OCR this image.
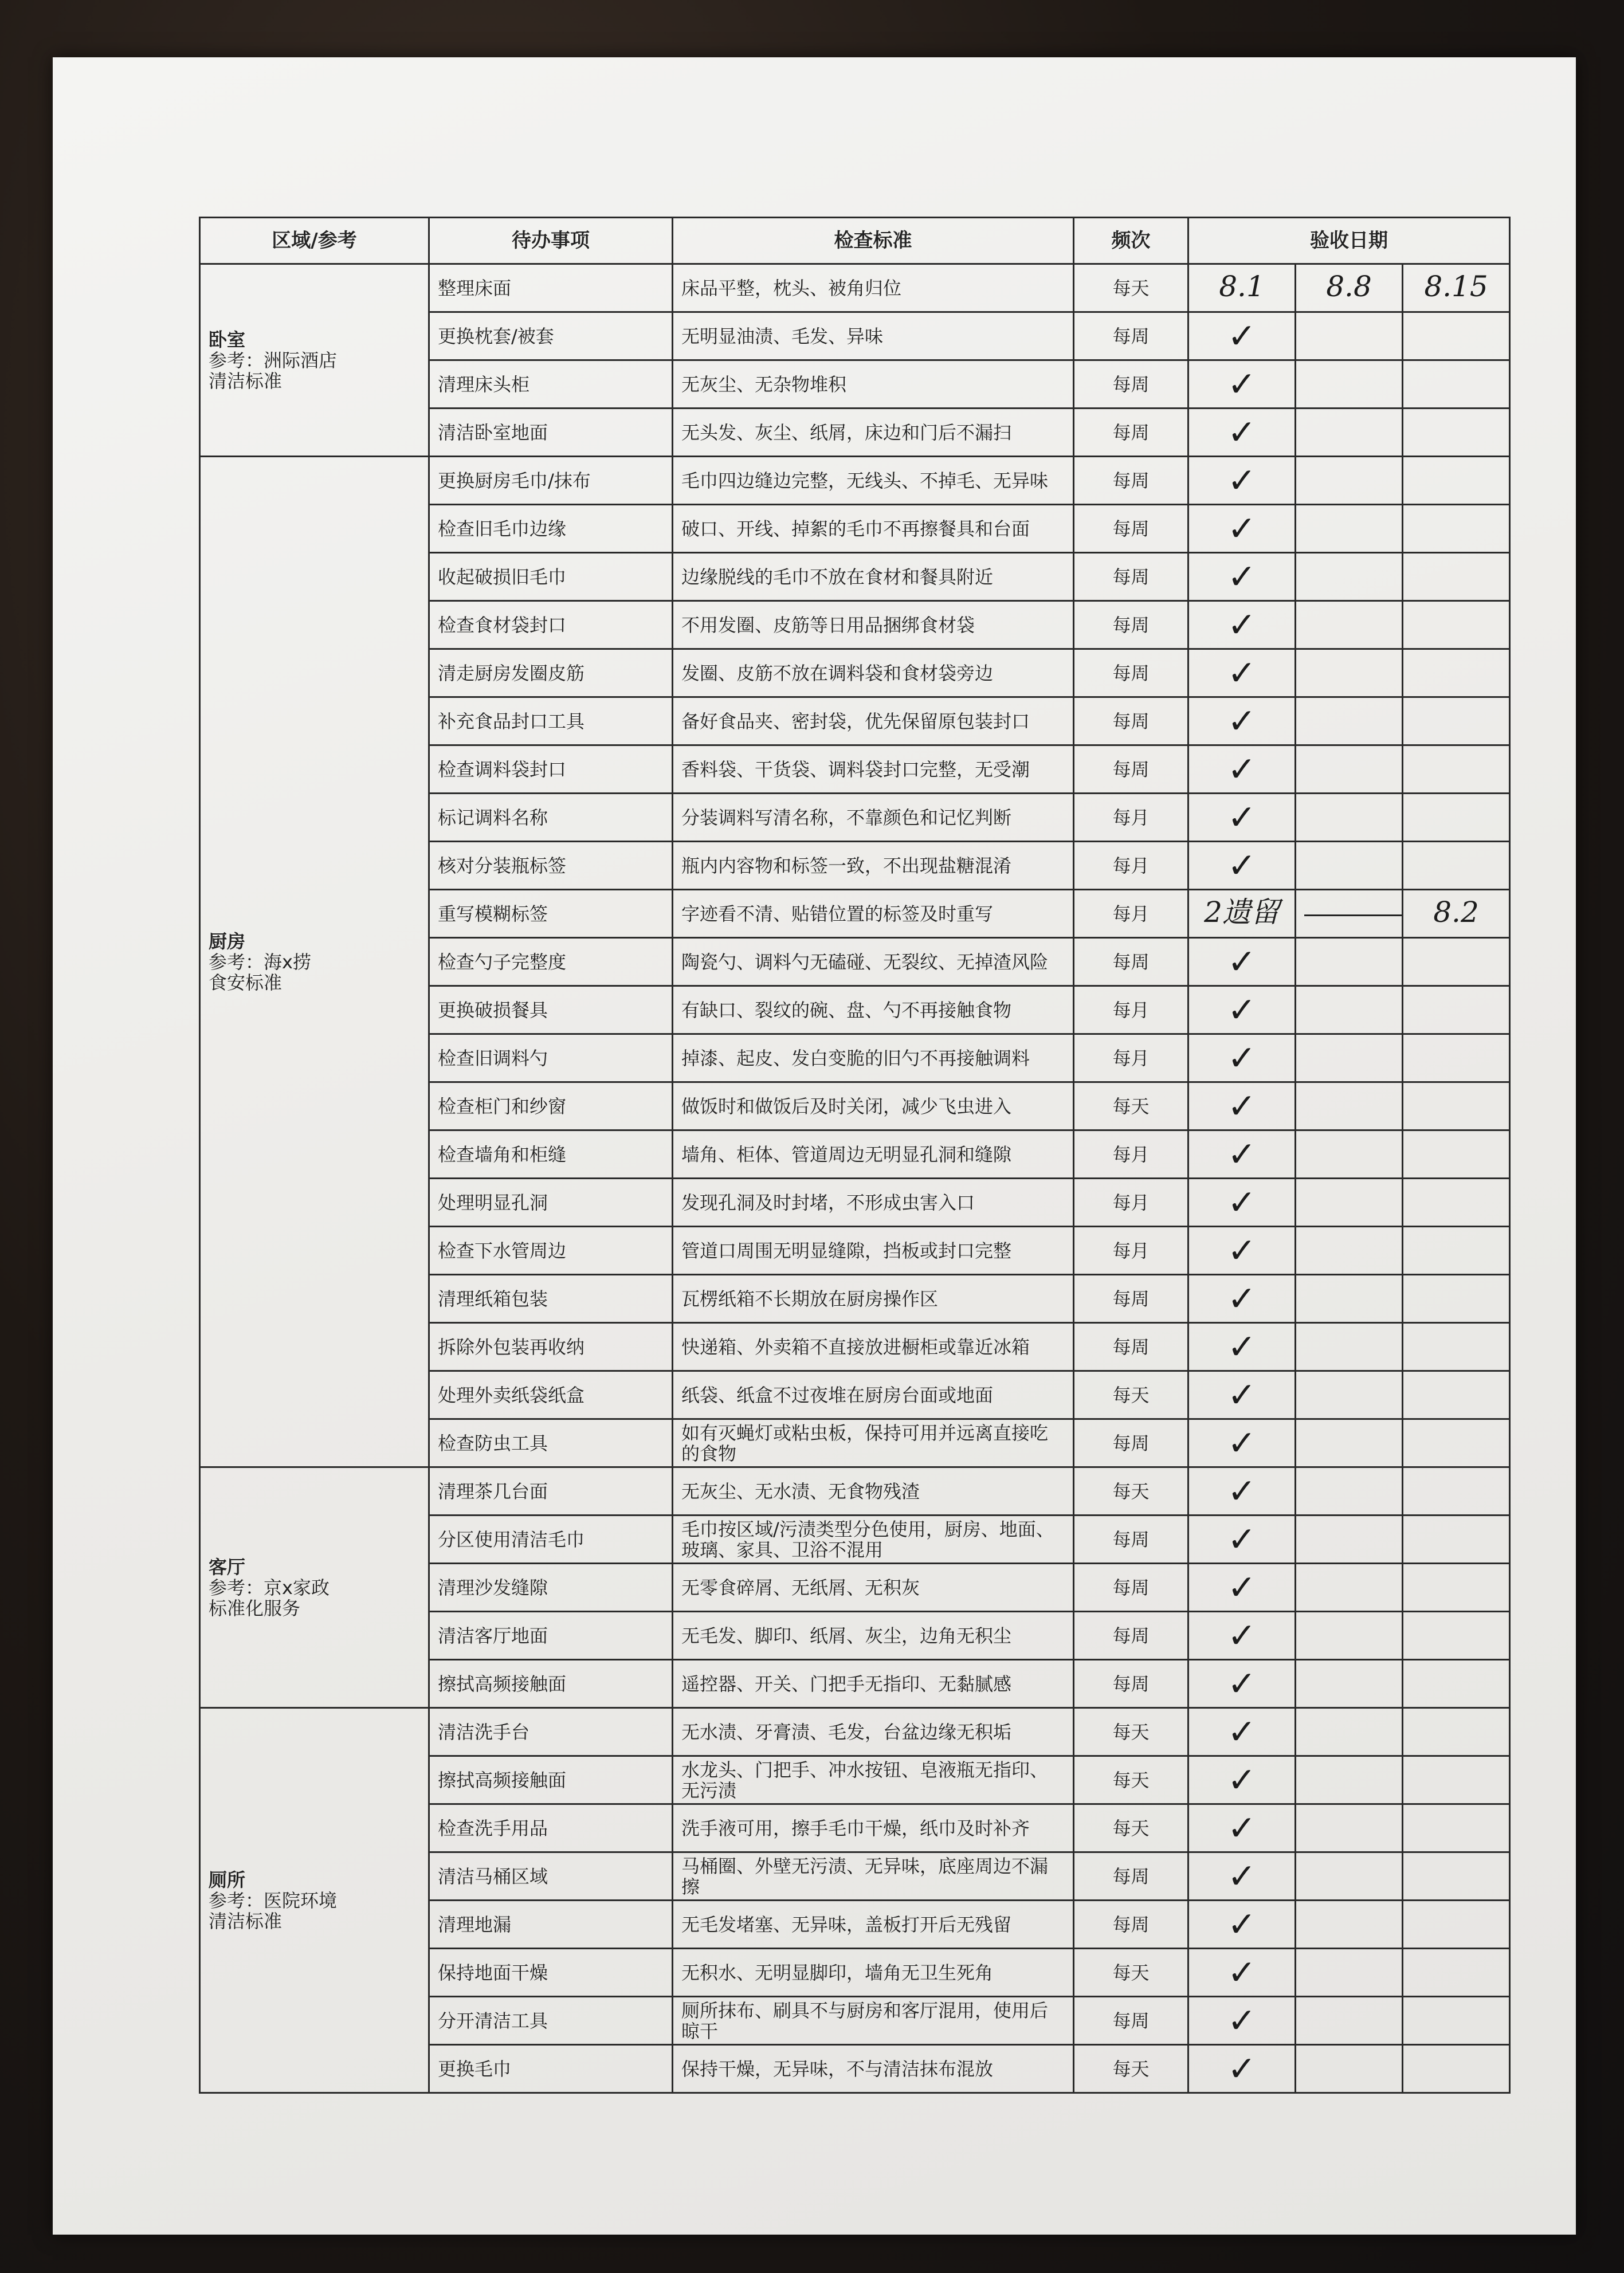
区域/参考	待办事项	检查标准	频次	验收日期		

卧室
参考：洲际酒店
清洁标准	整理床面	床品平整，枕头、被角归位	每天	8.1	8.8	8.15
	更换枕套/被套	无明显油渍、毛发、异味	每周	✓		
	清理床头柜	无灰尘、无杂物堆积	每周	✓		
	清洁卧室地面	无头发、灰尘、纸屑，床边和门后不漏扫	每周	✓		

厨房
参考：海x捞
食安标准	更换厨房毛巾/抹布	毛巾四边缝边完整，无线头、不掉毛、无异味	每周	✓		
	检查旧毛巾边缘	破口、开线、掉絮的毛巾不再擦餐具和台面	每周	✓		
	收起破损旧毛巾	边缘脱线的毛巾不放在食材和餐具附近	每周	✓		
	检查食材袋封口	不用发圈、皮筋等日用品捆绑食材袋	每周	✓		
	清走厨房发圈皮筋	发圈、皮筋不放在调料袋和食材袋旁边	每周	✓		
	补充食品封口工具	备好食品夹、密封袋，优先保留原包装封口	每周	✓		
	检查调料袋封口	香料袋、干货袋、调料袋封口完整，无受潮	每周	✓		
	标记调料名称	分装调料写清名称，不靠颜色和记忆判断	每月	✓		
	核对分装瓶标签	瓶内内容物和标签一致，不出现盐糖混淆	每月	✓		
	重写模糊标签	字迹看不清、贴错位置的标签及时重写	每月	2遗留		8.2
	检查勺子完整度	陶瓷勺、调料勺无磕碰、无裂纹、无掉渣风险	每周	✓		
	更换破损餐具	有缺口、裂纹的碗、盘、勺不再接触食物	每月	✓		
	检查旧调料勺	掉漆、起皮、发白变脆的旧勺不再接触调料	每月	✓		
	检查柜门和纱窗	做饭时和做饭后及时关闭，减少飞虫进入	每天	✓		
	检查墙角和柜缝	墙角、柜体、管道周边无明显孔洞和缝隙	每月	✓		
	处理明显孔洞	发现孔洞及时封堵，不形成虫害入口	每月	✓		
	检查下水管周边	管道口周围无明显缝隙，挡板或封口完整	每月	✓		
	清理纸箱包装	瓦楞纸箱不长期放在厨房操作区	每周	✓		
	拆除外包装再收纳	快递箱、外卖箱不直接放进橱柜或靠近冰箱	每周	✓		
	处理外卖纸袋纸盒	纸袋、纸盒不过夜堆在厨房台面或地面	每天	✓		
	检查防虫工具	如有灭蝇灯或粘虫板，保持可用并远离直接吃的食物	每周	✓		

客厅
参考：京x家政
标准化服务	清理茶几台面	无灰尘、无水渍、无食物残渣	每天	✓		
	分区使用清洁毛巾	毛巾按区域/污渍类型分色使用，厨房、地面、玻璃、家具、卫浴不混用	每周	✓		
	清理沙发缝隙	无零食碎屑、无纸屑、无积灰	每周	✓		
	清洁客厅地面	无毛发、脚印、纸屑、灰尘，边角无积尘	每周	✓		
	擦拭高频接触面	遥控器、开关、门把手无指印、无黏腻感	每周	✓		

厕所
参考：医院环境
清洁标准	清洁洗手台	无水渍、牙膏渍、毛发，台盆边缘无积垢	每天	✓		
	擦拭高频接触面	水龙头、门把手、冲水按钮、皂液瓶无指印、无污渍	每天	✓		
	检查洗手用品	洗手液可用，擦手毛巾干燥，纸巾及时补齐	每天	✓		
	清洁马桶区域	马桶圈、外壁无污渍、无异味，底座周边不漏擦	每周	✓		
	清理地漏	无毛发堵塞、无异味，盖板打开后无残留	每周	✓		
	保持地面干燥	无积水、无明显脚印，墙角无卫生死角	每天	✓		
	分开清洁工具	厕所抹布、刷具不与厨房和客厅混用，使用后晾干	每周	✓		
	更换毛巾	保持干燥，无异味，不与清洁抹布混放	每天	✓		
